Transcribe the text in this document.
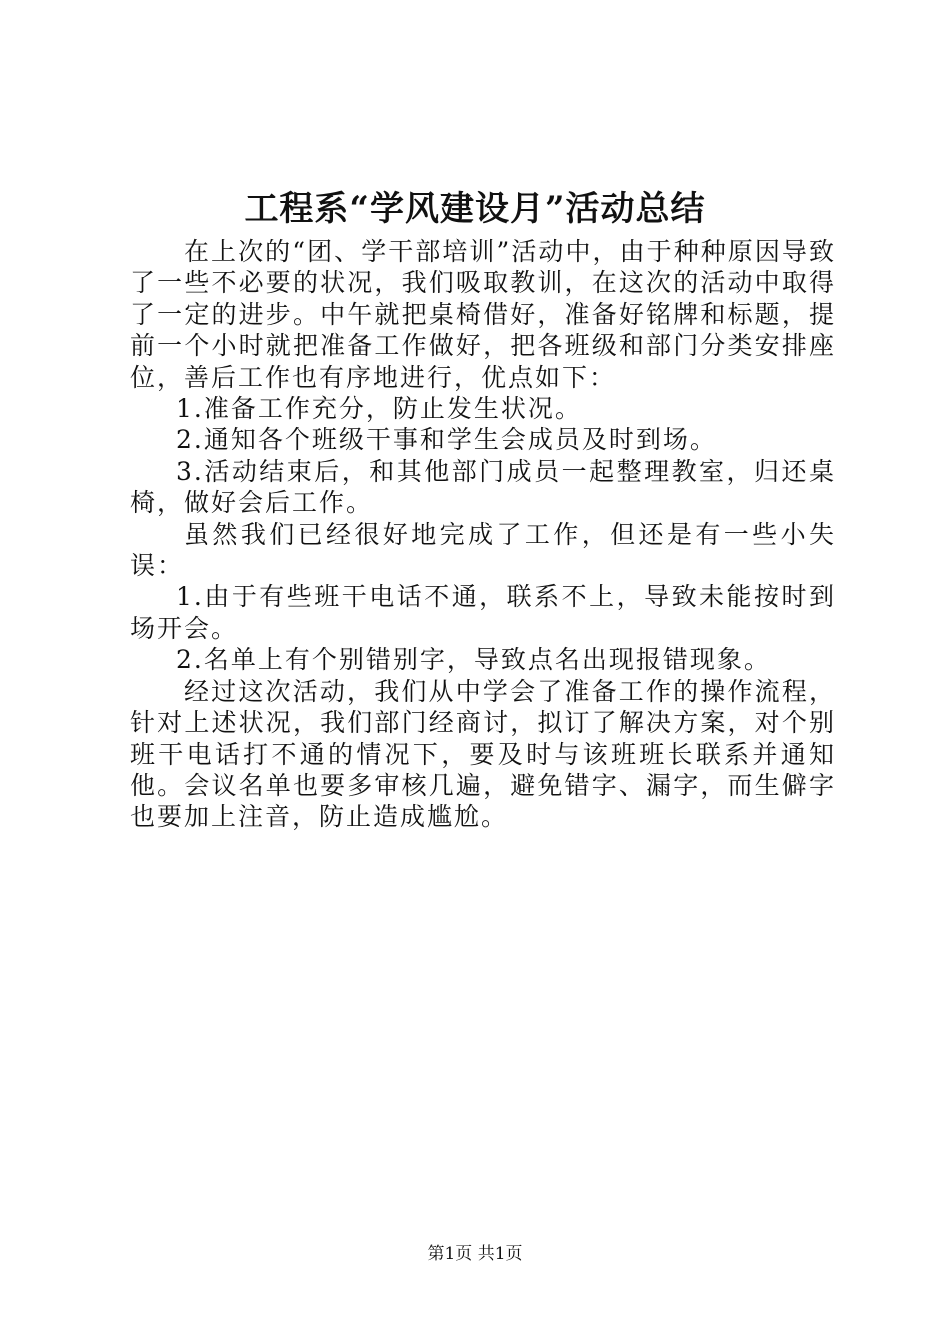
工程系“学风建设月”活动总结

在上次的“团、学干部培训”活动中，由于种种原因导致了一些不必要的状况，我们吸取教训，在这次的活动中取得了一定的进步。中午就把桌椅借好，准备好铭牌和标题，提前一个小时就把准备工作做好，把各班级和部门分类安排座位，善后工作也有序地进行，优点如下：

1.准备工作充分，防止发生状况。

2.通知各个班级干事和学生会成员及时到场。

3.活动结束后，和其他部门成员一起整理教室，归还桌椅，做好会后工作。

虽然我们已经很好地完成了工作，但还是有一些小失误：

1.由于有些班干电话不通，联系不上，导致未能按时到场开会。

2.名单上有个别错别字，导致点名出现报错现象。

经过这次活动，我们从中学会了准备工作的操作流程，针对上述状况，我们部门经商讨，拟订了解决方案，对个别班干电话打不通的情况下，要及时与该班班长联系并通知他。会议名单也要多审核几遍，避免错字、漏字，而生僻字也要加上注音，防止造成尴尬。

第1页 共1页
